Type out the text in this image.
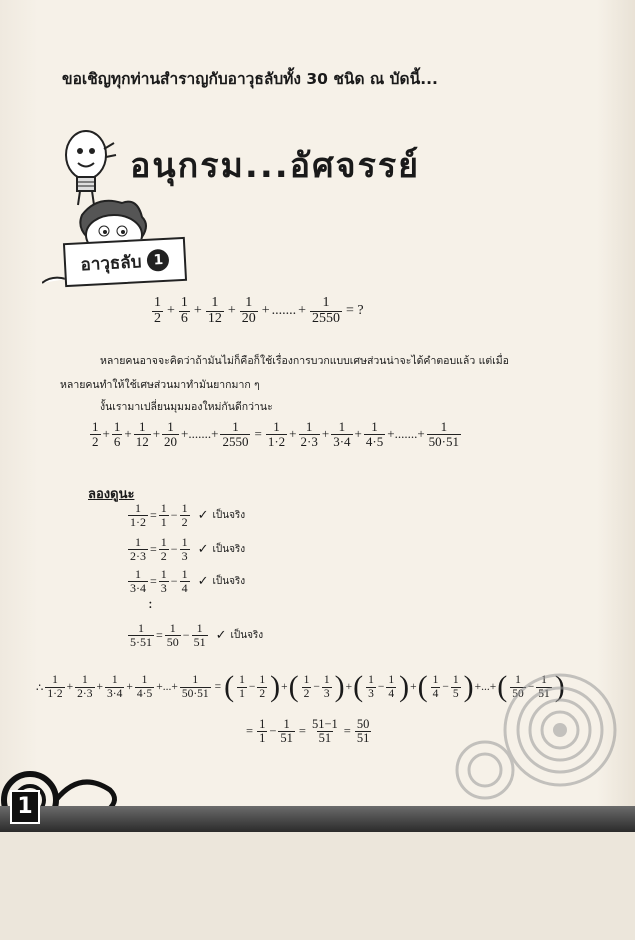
ขอเชิญทุกท่านสำราญกับอาวุธลับทั้ง 30 ชนิด ณ บัดนี้...
อนุกรม...อัศจรรย์
อาวุธลับ 1
$\frac{1}{2} + \frac{1}{6} + \frac{1}{12} + \frac{1}{20}$ + ....... + $\frac{1}{2550}$ = ?
หลายคนอาจจะคิดว่าถ้ามันไม่ก็คือก็ใช้เรื่องการบวกแบบเศษส่วนน่าจะได้คำตอบแล้ว แต่เมื่อ
หลายคนทำให้ใช้เศษส่วนมาทำมันยากมาก ๆ
งั้นเรามาเปลี่ยนมุมมองใหม่กันดีกว่านะ
$\frac{1}{2} + \frac{1}{6} + \frac{1}{12} + \frac{1}{20}$ + ....... + $\frac{1}{2550} = \frac{1}{1\cdot 2} + \frac{1}{2\cdot 3} + \frac{1}{3\cdot 4} + \frac{1}{4\cdot 5}$ + ....... + $\frac{1}{50\cdot 51}$
ลองดูนะ
$\frac{1}{1\cdot 2} = \frac{1}{1} - \frac{1}{2}$ ✓ เป็นจริง
$\frac{1}{2\cdot 3} = \frac{1}{2} - \frac{1}{3}$ ✓ เป็นจริง
$\frac{1}{3\cdot 4} = \frac{1}{3} - \frac{1}{4}$ ✓ เป็นจริง
:
$\frac{1}{5\cdot 51} = \frac{1}{50} - \frac{1}{51}$ ✓ เป็นจริง
∴ $\frac{1}{1\cdot 2} + \frac{1}{2\cdot 3} + \frac{1}{3\cdot 4} + \frac{1}{4\cdot 5}$ + ... + $\frac{1}{50\cdot 51}$ = ( $\frac{1}{1} - \frac{1}{2}$ ) + ( $\frac{1}{2} - \frac{1}{3}$ ) + ( $\frac{1}{3} - \frac{1}{4}$ ) + ( $\frac{1}{4} - \frac{1}{5}$ ) + ... + ( $\frac{1}{50} - \frac{1}{51}$ )
= $\frac{1}{1} - \frac{1}{51} = \frac{51-1}{51} = \frac{50}{51}$
1
